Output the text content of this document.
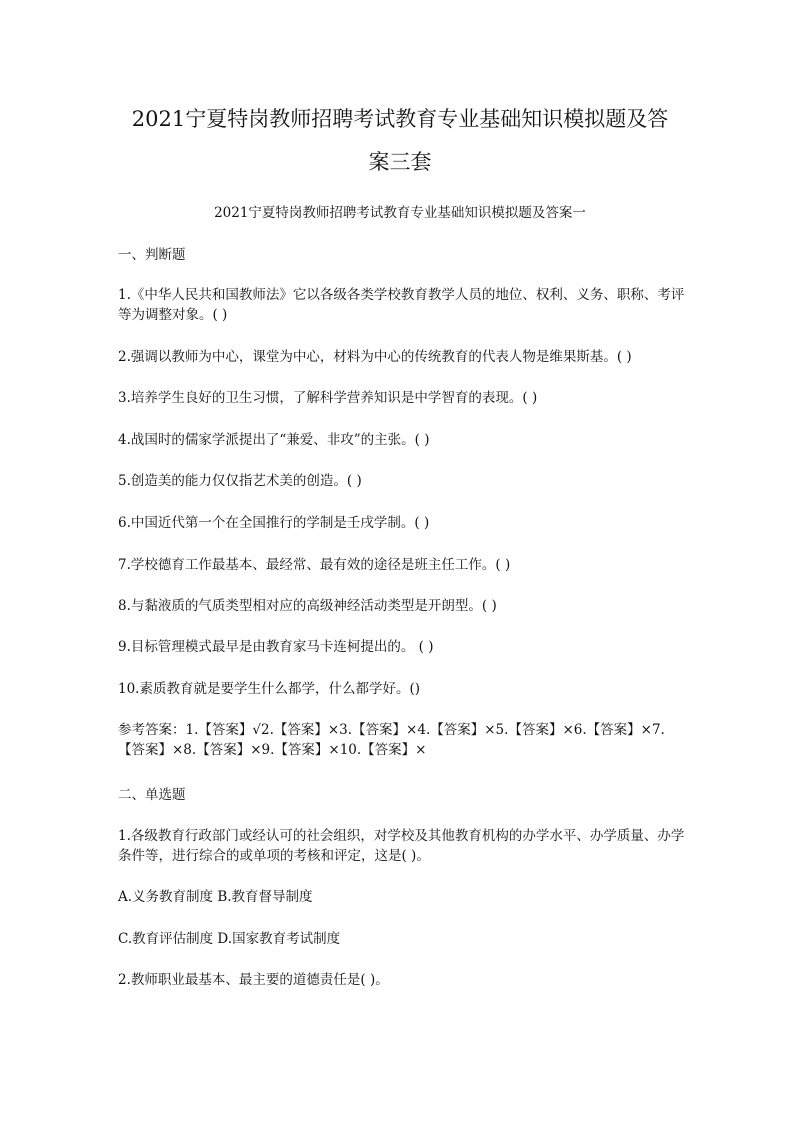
2021宁夏特岗教师招聘考试教育专业基础知识模拟题及答
案三套
2021宁夏特岗教师招聘考试教育专业基础知识模拟题及答案一
一、判断题
1.《中华人民共和国教师法》它以各级各类学校教育教学人员的地位、权利、义务、职称、考评等为调整对象。( )
2.强调以教师为中心，课堂为中心，材料为中心的传统教育的代表人物是维果斯基。( )
3.培养学生良好的卫生习惯，了解科学营养知识是中学智育的表现。( )
4.战国时的儒家学派提出了“兼爱、非攻”的主张。( )
5.创造美的能力仅仅指艺术美的创造。( )
6.中国近代第一个在全国推行的学制是壬戌学制。( )
7.学校德育工作最基本、最经常、最有效的途径是班主任工作。( )
8.与黏液质的气质类型相对应的高级神经活动类型是开朗型。( )
9.目标管理模式最早是由教育家马卡连柯提出的。 ( )
10.素质教育就是要学生什么都学，什么都学好。()
参考答案：1.【答案】√2.【答案】×3.【答案】×4.【答案】×5.【答案】×6.【答案】×7.【答案】×8.【答案】×9.【答案】×10.【答案】×
二、单选题
1.各级教育行政部门或经认可的社会组织，对学校及其他教育机构的办学水平、办学质量、办学条件等，进行综合的或单项的考核和评定，这是( )。
A.义务教育制度 B.教育督导制度
C.教育评估制度 D.国家教育考试制度
2.教师职业最基本、最主要的道德责任是( )。
